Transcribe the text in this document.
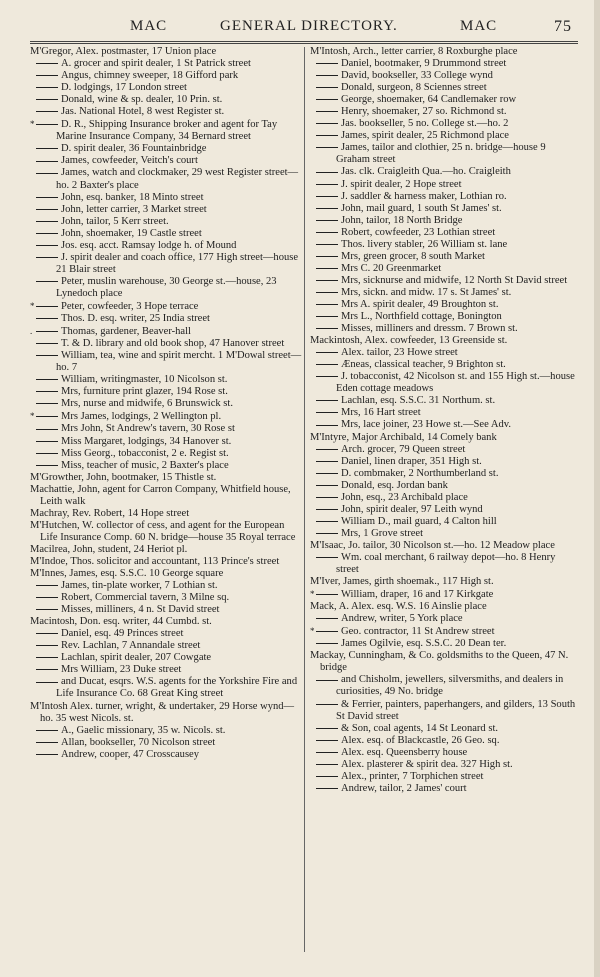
MAC	GENERAL DIRECTORY.	MAC	75

M'Gregor, Alex. postmaster, 17 Union place

A. grocer and spirit dealer, 1 St Patrick street

Angus, chimney sweeper, 18 Gifford park

D. lodgings, 17 London street

Donald, wine & sp. dealer, 10 Prin. st.

Jas. National Hotel, 8 west Register st.

*	D. R., Shipping Insurance broker and agent for Tay Marine Insurance Company, 34 Bernard street

D. spirit dealer, 36 Fountainbridge

James, cowfeeder, Veitch's court

James, watch and clockmaker, 29 west Register street—ho. 2 Baxter's place

John, esq. banker, 18 Minto street

John, letter carrier, 3 Market street

John, tailor, 5 Kerr street.

John, shoemaker, 19 Castle street

Jos. esq. acct. Ramsay lodge h. of Mound

J. spirit dealer and coach office, 177 High street—house 21 Blair street

Peter, muslin warehouse, 30 George st.—house, 23 Lynedoch place

*	Peter, cowfeeder, 3 Hope terrace

Thos. D. esq. writer, 25 India street

.	Thomas, gardener, Beaver-hall

T. & D. library and old book shop, 47 Hanover street

William, tea, wine and spirit mercht. 1 M'Dowal street—ho. 7

William, writingmaster, 10 Nicolson st.

Mrs, furniture print glazer, 194 Rose st.

Mrs, nurse and midwife, 6 Brunswick st.

*	Mrs James, lodgings, 2 Wellington pl.

Mrs John, St Andrew's tavern, 30 Rose st

Miss Margaret, lodgings, 34 Hanover st.

Miss Georg., tobacconist, 2 e. Regist st.

Miss, teacher of music, 2 Baxter's place

M'Growther, John, bootmaker, 15 Thistle st.

Machattie, John, agent for Carron Company, Whitfield house, Leith walk

Machray, Rev. Robert, 14 Hope street

M'Hutchen, W. collector of cess, and agent for the European Life Insurance Comp. 60 N. bridge—house 35 Royal terrace

Macilrea, John, student, 24 Heriot pl.

M'Indoe, Thos. solicitor and accountant, 113 Prince's street

M'Innes, James, esq. S.S.C. 10 George square

James, tin-plate worker, 7 Lothian st.

Robert, Commercial tavern, 3 Milne sq.

Misses, milliners, 4 n. St David street

Macintosh, Don. esq. writer, 44 Cumbd. st.

Daniel, esq. 49 Princes street

Rev. Lachlan, 7 Annandale street

Lachlan, spirit dealer, 207 Cowgate

Mrs William, 23 Duke street

and Ducat, esqrs. W.S. agents for the Yorkshire Fire and Life Insurance Co. 68 Great King street

M'Intosh Alex. turner, wright, & undertaker, 29 Horse wynd—ho. 35 west Nicols. st.

A., Gaelic missionary, 35 w. Nicols. st.

Allan, bookseller, 70 Nicolson street

Andrew, cooper, 47 Crosscausey

M'Intosh, Arch., letter carrier, 8 Roxburghe place

Daniel, bootmaker, 9 Drummond street

David, bookseller, 33 College wynd

Donald, surgeon, 8 Sciennes street

George, shoemaker, 64 Candlemaker row

Henry, shoemaker, 27 so. Richmond st.

Jas. bookseller, 5 no. College st.—ho. 2

James, spirit dealer, 25 Richmond place

James, tailor and clothier, 25 n. bridge—house 9 Graham street

Jas. clk. Craigleith Qua.—ho. Craigleith

J. spirit dealer, 2 Hope street

J. saddler & harness maker, Lothian ro.

John, mail guard, 1 south St James' st.

John, tailor, 18 North Bridge

Robert, cowfeeder, 23 Lothian street

Thos. livery stabler, 26 William st. lane

Mrs, green grocer, 8 south Market

Mrs C. 20 Greenmarket

Mrs, sicknurse and midwife, 12 North St David street

Mrs, sickn. and midw. 17 s. St James' st.

Mrs A. spirit dealer, 49 Broughton st.

Mrs L., Northfield cottage, Bonington

Misses, milliners and dressm. 7 Brown st.

Mackintosh, Alex. cowfeeder, 13 Greenside st.

Alex. tailor, 23 Howe street

Æneas, classical teacher, 9 Brighton st.

J. tobacconist, 42 Nicolson st. and 155 High st.—house Eden cottage meadows

Lachlan, esq. S.S.C. 31 Northum. st.

Mrs, 16 Hart street

Mrs, lace joiner, 23 Howe st.—See Adv.

M'Intyre, Major Archibald, 14 Comely bank

Arch. grocer, 79 Queen street

Daniel, linen draper, 351 High st.

D. combmaker, 2 Northumberland st.

Donald, esq. Jordan bank

John, esq., 23 Archibald place

John, spirit dealer, 97 Leith wynd

William D., mail guard, 4 Calton hill

Mrs, 1 Grove street

M'Isaac, Jo. tailor, 30 Nicolson st.—ho. 12 Meadow place

Wm. coal merchant, 6 railway depot—ho. 8 Henry street

M'Iver, James, girth shoemak., 117 High st.

*	William, draper, 16 and 17 Kirkgate

Mack, A. Alex. esq. W.S. 16 Ainslie place

Andrew, writer, 5 York place

*	Geo. contractor, 11 St Andrew street

James Ogilvie, esq. S.S.C. 20 Dean ter.

Mackay, Cunningham, & Co. goldsmiths to the Queen, 47 N. bridge

and Chisholm, jewellers, silversmiths, and dealers in curiosities, 49 No. bridge

& Ferrier, painters, paperhangers, and gilders, 13 South St David street

& Son, coal agents, 14 St Leonard st.

Alex. esq. of Blackcastle, 26 Geo. sq.

Alex. esq. Queensberry house

Alex. plasterer & spirit dea. 327 High st.

Alex., printer, 7 Torphichen street

Andrew, tailor, 2 James' court
